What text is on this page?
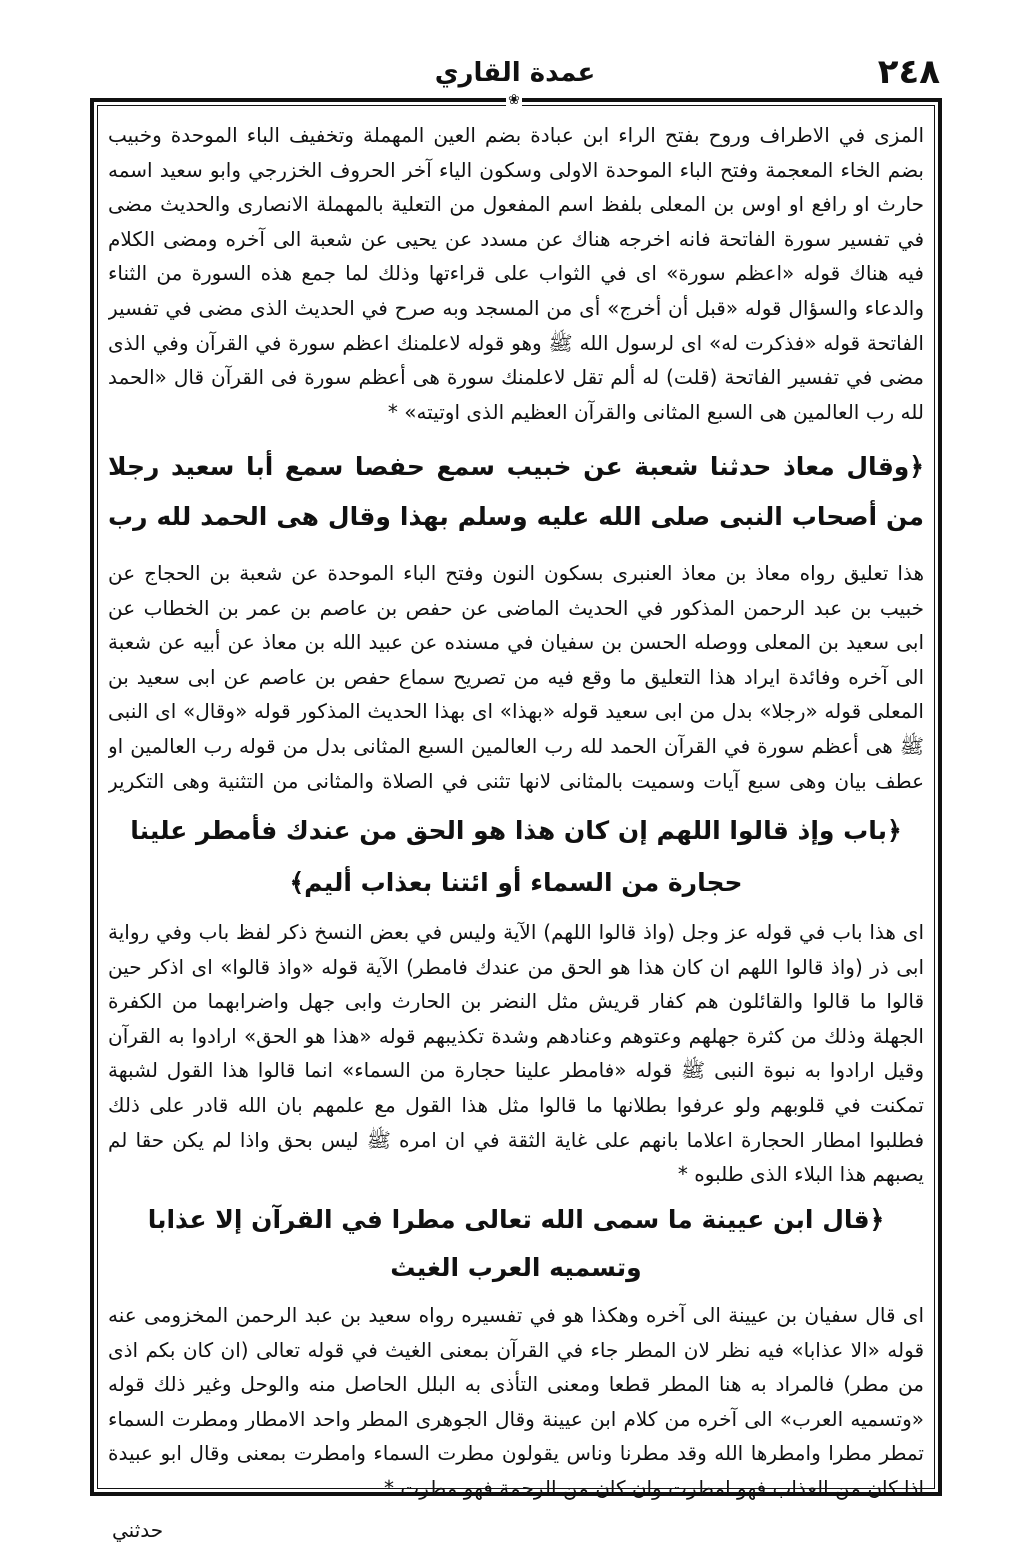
٢٤٨
عمدة القاري
❀

المزى في الاطراف وروح بفتح الراء ابن عبادة بضم العين المهملة وتخفيف الباء الموحدة وخبيب بضم الخاء المعجمة وفتح الباء الموحدة الاولى وسكون الياء آخر الحروف الخزرجي وابو سعيد اسمه حارث او رافع او اوس بن المعلى بلفظ اسم المفعول من التعلية بالمهملة الانصارى والحديث مضى في تفسير سورة الفاتحة فانه اخرجه هناك عن مسدد عن يحيى عن شعبة الى آخره ومضى الكلام فيه هناك قوله «اعظم سورة» اى في الثواب على قراءتها وذلك لما جمع هذه السورة من الثناء والدعاء والسؤال قوله «قبل أن أخرج» أى من المسجد وبه صرح في الحديث الذى مضى في تفسير الفاتحة قوله «فذكرت له» اى لرسول الله ﷺ وهو قوله لاعلمنك اعظم سورة في القرآن وفي الذى مضى في تفسير الفاتحة (قلت) له ألم تقل لاعلمنك سورة هى أعظم سورة فى القرآن قال «الحمد لله رب العالمين هى السبع المثانى والقرآن العظيم الذى اوتيته» *

﴿وقال معاذ حدثنا شعبة عن خبيب سمع حفصا سمع أبا سعيد رجلا من أصحاب النبى صلى الله عليه وسلم بهذا وقال هى الحمد لله رب

هذا تعليق رواه معاذ بن معاذ العنبرى بسكون النون وفتح الباء الموحدة عن شعبة بن الحجاج عن خبيب بن عبد الرحمن المذكور في الحديث الماضى عن حفص بن عاصم بن عمر بن الخطاب عن ابى سعيد بن المعلى ووصله الحسن بن سفيان في مسنده عن عبيد الله بن معاذ عن أبيه عن شعبة الى آخره وفائدة ايراد هذا التعليق ما وقع فيه من تصريح سماع حفص بن عاصم عن ابى سعيد بن المعلى قوله «رجلا» بدل من ابى سعيد قوله «بهذا» اى بهذا الحديث المذكور قوله «وقال» اى النبى ﷺ هى أعظم سورة في القرآن الحمد لله رب العالمين السبع المثانى بدل من قوله رب العالمين او عطف بيان وهى سبع آيات وسميت بالمثانى لانها تثنى في الصلاة والمثانى من التثنية وهى التكرير

﴿باب وإذ قالوا اللهم إن كان هذا هو الحق من عندك فأمطر علينا
حجارة من السماء أو ائتنا بعذاب أليم﴾

اى هذا باب في قوله عز وجل (واذ قالوا اللهم) الآية وليس في بعض النسخ ذكر لفظ باب وفي رواية ابى ذر (واذ قالوا اللهم ان كان هذا هو الحق من عندك فامطر) الآية قوله «واذ قالوا» اى اذكر حين قالوا ما قالوا والقائلون هم كفار قريش مثل النضر بن الحارث وابى جهل واضرابهما من الكفرة الجهلة وذلك من كثرة جهلهم وعتوهم وعنادهم وشدة تكذيبهم قوله «هذا هو الحق» ارادوا به القرآن وقيل ارادوا به نبوة النبى ﷺ قوله «فامطر علينا حجارة من السماء» انما قالوا هذا القول لشبهة تمكنت في قلوبهم ولو عرفوا بطلانها ما قالوا مثل هذا القول مع علمهم بان الله قادر على ذلك فطلبوا امطار الحجارة اعلاما بانهم على غاية الثقة في ان امره ﷺ ليس بحق واذا لم يكن حقا لم يصبهم هذا البلاء الذى طلبوه *

﴿قال ابن عيينة ما سمى الله تعالى مطرا في القرآن إلا عذابا وتسميه العرب الغيث

اى قال سفيان بن عيينة الى آخره وهكذا هو في تفسيره رواه سعيد بن عبد الرحمن المخزومى عنه قوله «الا عذابا» فيه نظر لان المطر جاء في القرآن بمعنى الغيث في قوله تعالى (ان كان بكم اذى من مطر) فالمراد به هنا المطر قطعا ومعنى التأذى به البلل الحاصل منه والوحل وغير ذلك قوله «وتسميه العرب» الى آخره من كلام ابن عيينة وقال الجوهرى المطر واحد الامطار ومطرت السماء تمطر مطرا وامطرها الله وقد مطرنا وناس يقولون مطرت السماء وامطرت بمعنى وقال ابو عبيدة اذا كان من العذاب فهو امطرت وان كان من الرحمة فهو مطرت *

حدثني
